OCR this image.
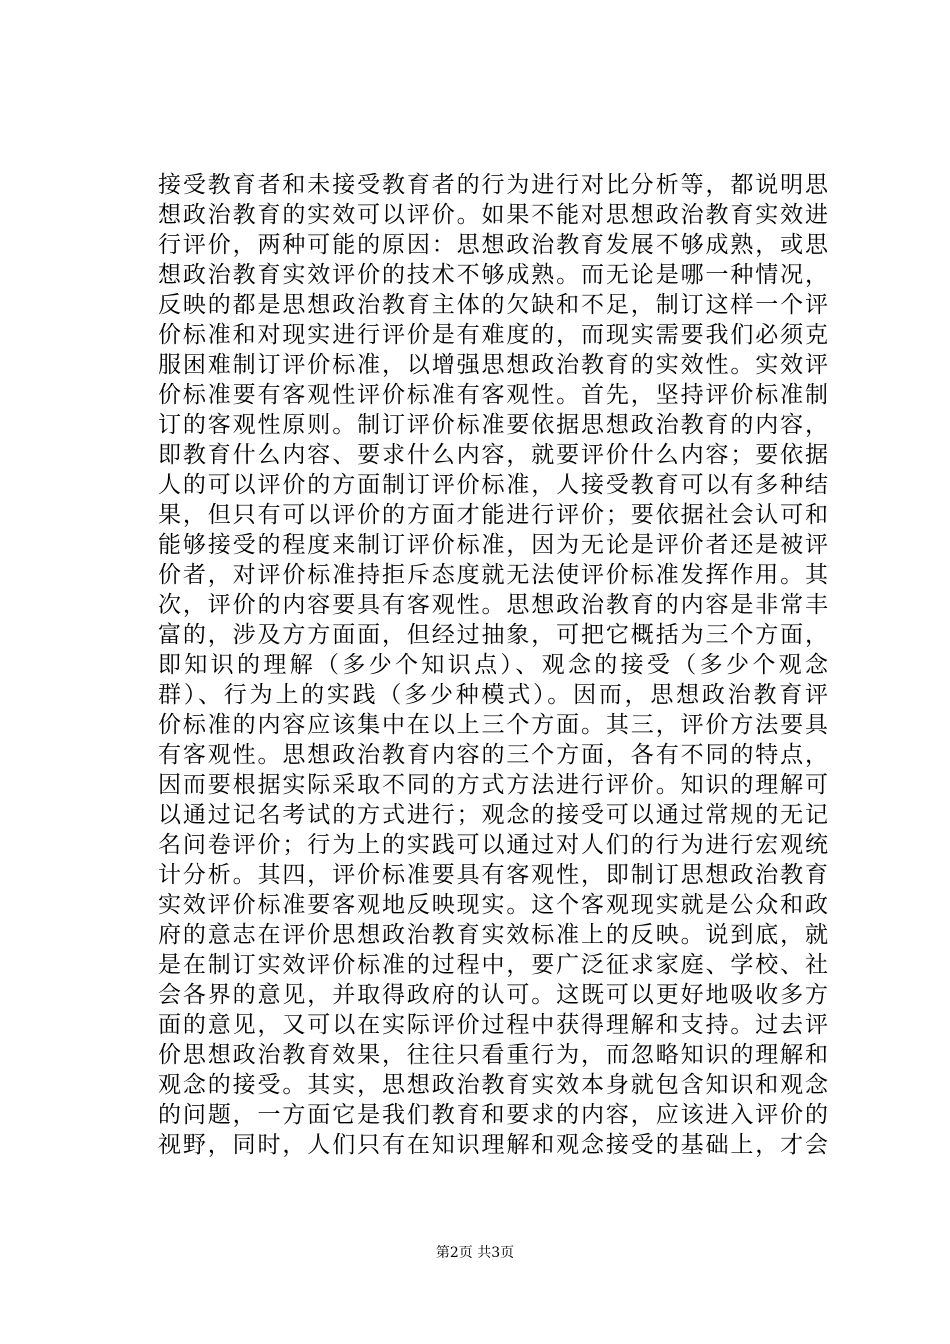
接受教育者和未接受教育者的行为进行对比分析等，都说明思
想政治教育的实效可以评价。如果不能对思想政治教育实效进
行评价，两种可能的原因：思想政治教育发展不够成熟，或思
想政治教育实效评价的技术不够成熟。而无论是哪一种情况，
反映的都是思想政治教育主体的欠缺和不足，制订这样一个评
价标准和对现实进行评价是有难度的，而现实需要我们必须克
服困难制订评价标准，以增强思想政治教育的实效性。实效评
价标准要有客观性评价标准有客观性。首先，坚持评价标准制
订的客观性原则。制订评价标准要依据思想政治教育的内容，
即教育什么内容、要求什么内容，就要评价什么内容；要依据
人的可以评价的方面制订评价标准，人接受教育可以有多种结
果，但只有可以评价的方面才能进行评价；要依据社会认可和
能够接受的程度来制订评价标准，因为无论是评价者还是被评
价者，对评价标准持拒斥态度就无法使评价标准发挥作用。其
次，评价的内容要具有客观性。思想政治教育的内容是非常丰
富的，涉及方方面面，但经过抽象，可把它概括为三个方面，
即知识的理解（多少个知识点）、观念的接受（多少个观念
群）、行为上的实践（多少种模式）。因而，思想政治教育评
价标准的内容应该集中在以上三个方面。其三，评价方法要具
有客观性。思想政治教育内容的三个方面，各有不同的特点，
因而要根据实际采取不同的方式方法进行评价。知识的理解可
以通过记名考试的方式进行；观念的接受可以通过常规的无记
名问卷评价；行为上的实践可以通过对人们的行为进行宏观统
计分析。其四，评价标准要具有客观性，即制订思想政治教育
实效评价标准要客观地反映现实。这个客观现实就是公众和政
府的意志在评价思想政治教育实效标准上的反映。说到底，就
是在制订实效评价标准的过程中，要广泛征求家庭、学校、社
会各界的意见，并取得政府的认可。这既可以更好地吸收多方
面的意见，又可以在实际评价过程中获得理解和支持。过去评
价思想政治教育效果，往往只看重行为，而忽略知识的理解和
观念的接受。其实，思想政治教育实效本身就包含知识和观念
的问题，一方面它是我们教育和要求的内容，应该进入评价的
视野，同时，人们只有在知识理解和观念接受的基础上，才会
第2页 共3页
